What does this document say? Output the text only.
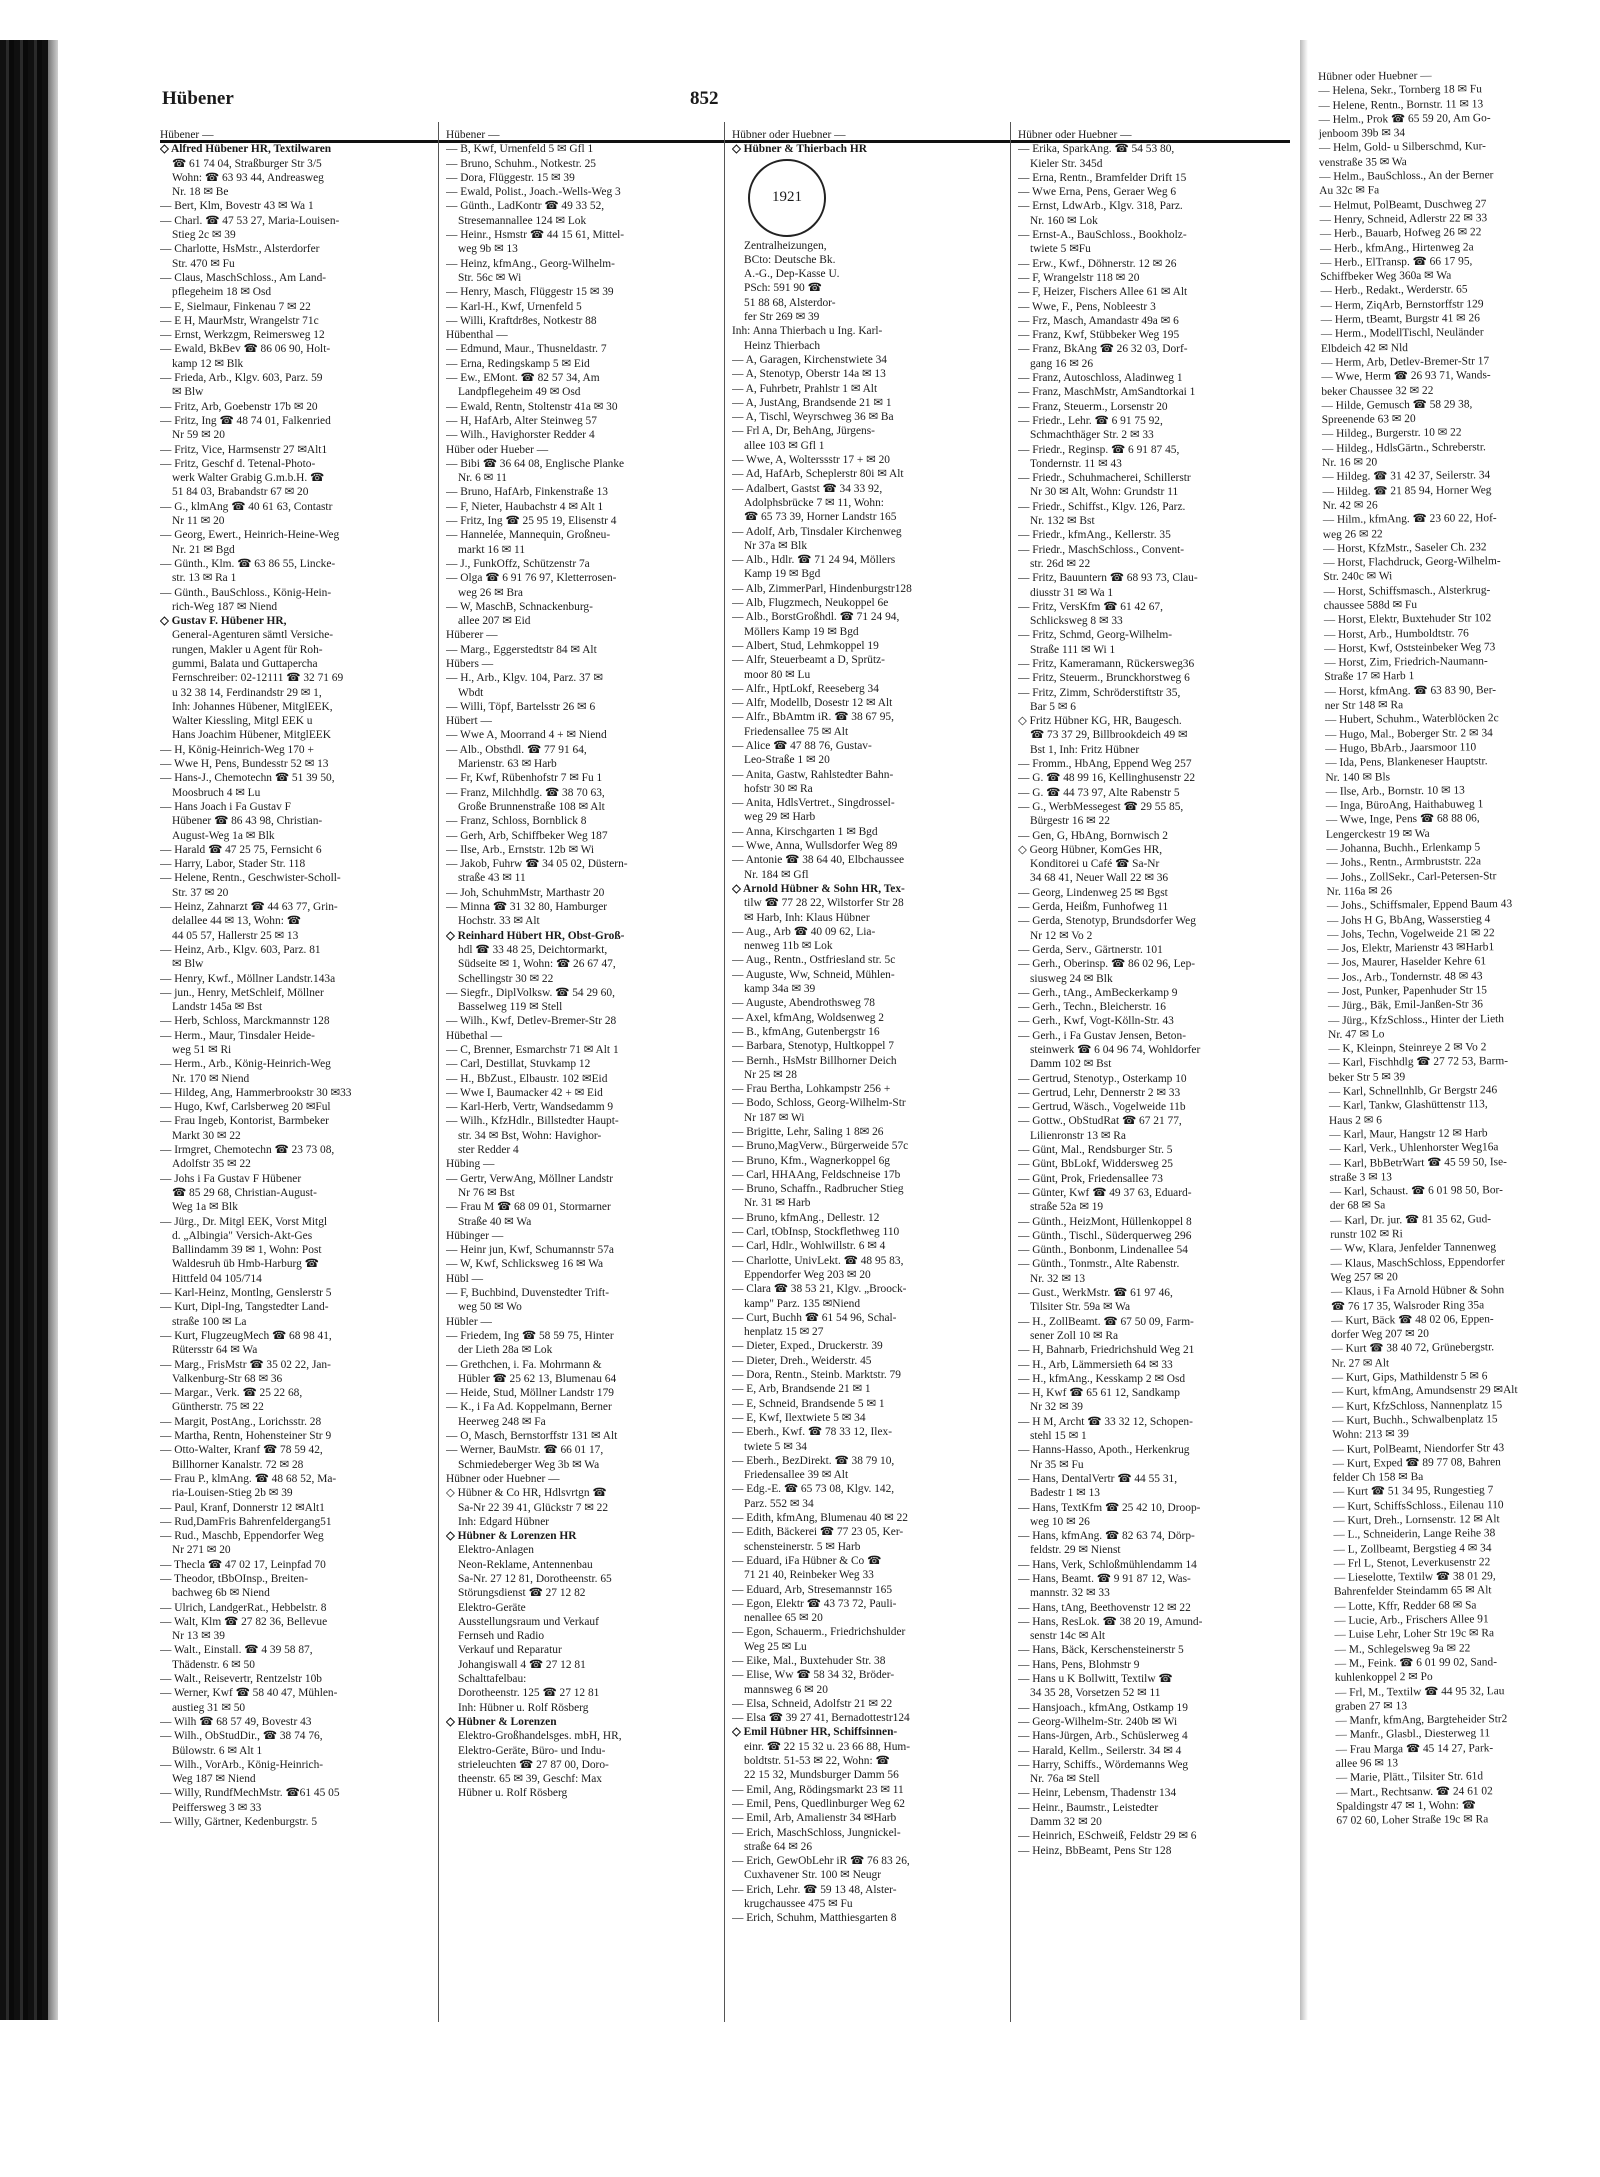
Hübener	852
Hübener —
◇ Alfred Hübener HR, Textilwaren
☎ 61 74 04, Straßburger Str 3/5
Wohn: ☎ 63 93 44, Andreasweg
Nr. 18 ✉ Be
— Bert, Klm, Bovestr 43 ✉ Wa 1
— Charl. ☎ 47 53 27, Maria-Louisen-
Stieg 2c ✉ 39
— Charlotte, HsMstr., Alsterdorfer
Str. 470 ✉ Fu
— Claus, MaschSchloss., Am Land-
pflegeheim 18 ✉ Osd
— E, Sielmaur, Finkenau 7 ✉ 22
— E H, MaurMstr, Wrangelstr 71c
— Ernst, Werkzgm, Reimersweg 12
— Ewald, BkBev ☎ 86 06 90, Holt-
kamp 12 ✉ Blk
— Frieda, Arb., Klgv. 603, Parz. 59
✉ Blw
— Fritz, Arb, Goebenstr 17b ✉ 20
— Fritz, Ing ☎ 48 74 01, Falkenried
Nr 59 ✉ 20
— Fritz, Vice, Harmsenstr 27 ✉Alt1
— Fritz, Geschf d. Tetenal-Photo-
werk Walter Grabig G.m.b.H. ☎
51 84 03, Brabandstr 67 ✉ 20
— G., klmAng ☎ 40 61 63, Contastr
Nr 11 ✉ 20
— Georg, Ewert., Heinrich-Heine-Weg
Nr. 21 ✉ Bgd
— Günth., Klm. ☎ 63 86 55, Lincke-
str. 13 ✉ Ra 1
— Günth., BauSchloss., König-Hein-
rich-Weg 187 ✉ Niend
◇ Gustav F. Hübener HR,
General-Agenturen sämtl Versiche-
rungen, Makler u Agent für Roh-
gummi, Balata und Guttapercha
Fernschreiber: 02-12111 ☎ 32 71 69
u 32 38 14, Ferdinandstr 29 ✉ 1,
Inh: Johannes Hübener, MitglEEK,
Walter Kiessling, Mitgl EEK u
Hans Joachim Hübener, MitglEEK
— H, König-Heinrich-Weg 170 +
— Wwe H, Pens, Bundesstr 52 ✉ 13
— Hans-J., Chemotechn ☎ 51 39 50,
Moosbruch 4 ✉ Lu
— Hans Joach i Fa Gustav F
Hübener ☎ 86 43 98, Christian-
August-Weg 1a ✉ Blk
— Harald ☎ 47 25 75, Fernsicht 6
— Harry, Labor, Stader Str. 118
— Helene, Rentn., Geschwister-Scholl-
Str. 37 ✉ 20
— Heinz, Zahnarzt ☎ 44 63 77, Grin-
delallee 44 ✉ 13, Wohn: ☎
44 05 57, Hallerstr 25 ✉ 13
— Heinz, Arb., Klgv. 603, Parz. 81
✉ Blw
— Henry, Kwf., Möllner Landstr.143a
— jun., Henry, MetSchleif, Möllner
Landstr 145a ✉ Bst
— Herb, Schloss, Marckmannstr 128
— Herm., Maur, Tinsdaler Heide-
weg 51 ✉ Ri
— Herm., Arb., König-Heinrich-Weg
Nr. 170 ✉ Niend
— Hildeg, Ang, Hammerbrookstr 30 ✉33
— Hugo, Kwf, Carlsberweg 20 ✉Ful
— Frau Ingeb, Kontorist, Barmbeker
Markt 30 ✉ 22
— Irmgret, Chemotechn ☎ 23 73 08,
Adolfstr 35 ✉ 22
— Johs i Fa Gustav F Hübener
☎ 85 29 68, Christian-August-
Weg 1a ✉ Blk
— Jürg., Dr. Mitgl EEK, Vorst Mitgl
d. „Albingia" Versich-Akt-Ges
Ballindamm 39 ✉ 1, Wohn: Post
Waldesruh üb Hmb-Harburg ☎
Hittfeld 04 105/714
— Karl-Heinz, Montlng, Genslerstr 5
— Kurt, Dipl-Ing, Tangstedter Land-
straße 100 ✉ La
— Kurt, FlugzeugMech ☎ 68 98 41,
Rütersstr 64 ✉ Wa
— Marg., FrisMstr ☎ 35 02 22, Jan-
Valkenburg-Str 68 ✉ 36
— Margar., Verk. ☎ 25 22 68,
Güntherstr. 75 ✉ 22
— Margit, PostAng., Lorichsstr. 28
— Martha, Rentn, Hohensteiner Str 9
— Otto-Walter, Kranf ☎ 78 59 42,
Billhorner Kanalstr. 72 ✉ 28
— Frau P., klmAng. ☎ 48 68 52, Ma-
ria-Louisen-Stieg 2b ✉ 39
— Paul, Kranf, Donnerstr 12 ✉Alt1
— Rud,DamFris Bahrenfeldergang51
— Rud., Maschb, Eppendorfer Weg
Nr 271 ✉ 20
— Thecla ☎ 47 02 17, Leinpfad 70
— Theodor, tBbOInsp., Breiten-
bachweg 6b ✉ Niend
— Ulrich, LandgerRat., Hebbelstr. 8
— Walt, Klm ☎ 27 82 36, Bellevue
Nr 13 ✉ 39
— Walt., Einstall. ☎ 4 39 58 87,
Thädenstr. 6 ✉ 50
— Walt., Reisevertr, Rentzelstr 10b
— Werner, Kwf ☎ 58 40 47, Mühlen-
austieg 31 ✉ 50
— Wilh ☎ 68 57 49, Bovestr 43
— Wilh., ObStudDir., ☎ 38 74 76,
Bülowstr. 6 ✉ Alt 1
— Wilh., VorArb., König-Heinrich-
Weg 187 ✉ Niend
— Willy, RundfMechMstr. ☎61 45 05
Peiffersweg 3 ✉ 33
— Willy, Gärtner, Kedenburgstr. 5
Hübener —
— B, Kwf, Urnenfeld 5 ✉ Gfl 1
— Bruno, Schuhm., Notkestr. 25
— Dora, Flüggestr. 15 ✉ 39
— Ewald, Polist., Joach.-Wells-Weg 3
— Günth., LadKontr ☎ 49 33 52,
Stresemannallee 124 ✉ Lok
— Heinr., Hsmstr ☎ 44 15 61, Mittel-
weg 9b ✉ 13
— Heinz, kfmAng., Georg-Wilhelm-
Str. 56c ✉ Wi
— Henry, Masch, Flüggestr 15 ✉ 39
— Karl-H., Kwf, Urnenfeld 5
— Willi, Kraftdr8es, Notkestr 88
Hübenthal —
— Edmund, Maur., Thusneldastr. 7
— Erna, Redingskamp 5 ✉ Eid
— Ew., EMont. ☎ 82 57 34, Am
Landpflegeheim 49 ✉ Osd
— Ewald, Rentn, Stoltenstr 41a ✉ 30
— H, HafArb, Alter Steinweg 57
— Wilh., Havighorster Redder 4
Hüber oder Hueber —
— Bibi ☎ 36 64 08, Englische Planke
Nr. 6 ✉ 11
— Bruno, HafArb, Finkenstraße 13
— F, Nieter, Haubachstr 4 ✉ Alt 1
— Fritz, Ing ☎ 25 95 19, Elisenstr 4
— Hannelée, Mannequin, Großneu-
markt 16 ✉ 11
— J., FunkOffz, Schützenstr 7a
— Olga ☎ 6 91 76 97, Kletterrosen-
weg 26 ✉ Bra
— W, MaschB, Schnackenburg-
allee 207 ✉ Eid
Hüberer —
— Marg., Eggerstedtstr 84 ✉ Alt
Hübers —
— H., Arb., Klgv. 104, Parz. 37 ✉
Wbdt
— Willi, Töpf, Bartelsstr 26 ✉ 6
Hübert —
— Wwe A, Moorrand 4 + ✉ Niend
— Alb., Obsthdl. ☎ 77 91 64,
Marienstr. 63 ✉ Harb
— Fr, Kwf, Rübenhofstr 7 ✉ Fu 1
— Franz, Milchhdlg. ☎ 38 70 63,
Große Brunnenstraße 108 ✉ Alt
— Franz, Schloss, Bornblick 8
— Gerh, Arb, Schiffbeker Weg 187
— Ilse, Arb., Ernststr. 12b ✉ Wi
— Jakob, Fuhrw ☎ 34 05 02, Düstern-
straße 43 ✉ 11
— Joh, SchuhmMstr, Marthastr 20
— Minna ☎ 31 32 80, Hamburger
Hochstr. 33 ✉ Alt
◇ Reinhard Hübert HR, Obst-Groß-
hdl ☎ 33 48 25, Deichtormarkt,
Südseite ✉ 1, Wohn: ☎ 26 67 47,
Schellingstr 30 ✉ 22
— Siegfr., DiplVolksw. ☎ 54 29 60,
Basselweg 119 ✉ Stell
— Wilh., Kwf, Detlev-Bremer-Str 28
Hübethal —
— C, Brenner, Esmarchstr 71 ✉ Alt 1
— Carl, Destillat, Stuvkamp 12
— H., BbZust., Elbaustr. 102 ✉Eid
— Wwe I, Baumacker 42 + ✉ Eid
— Karl-Herb, Vertr, Wandsedamm 9
— Wilh., KfzHdlr., Billstedter Haupt-
str. 34 ✉ Bst, Wohn: Havighor-
ster Redder 4
Hübing —
— Gertr, VerwAng, Möllner Landstr
Nr 76 ✉ Bst
— Frau M ☎ 68 09 01, Stormarner
Straße 40 ✉ Wa
Hübinger —
— Heinr jun, Kwf, Schumannstr 57a
— W, Kwf, Schlicksweg 16 ✉ Wa
Hübl —
— F, Buchbind, Duvenstedter Trift-
weg 50 ✉ Wo
Hübler —
— Friedem, Ing ☎ 58 59 75, Hinter
der Lieth 28a ✉ Lok
— Grethchen, i. Fa. Mohrmann &
Hübler ☎ 25 62 13, Blumenau 64
— Heide, Stud, Möllner Landstr 179
— K., i Fa Ad. Koppelmann, Berner
Heerweg 248 ✉ Fa
— O, Masch, Bernstorffstr 131 ✉ Alt
— Werner, BauMstr. ☎ 66 01 17,
Schmiedeberger Weg 3b ✉ Wa
Hübner oder Huebner —
◇ Hübner & Co HR, Hdlsvrtgn ☎
Sa-Nr 22 39 41, Glückstr 7 ✉ 22
Inh: Edgard Hübner
◇ Hübner & Lorenzen HR
Elektro-Anlagen
Neon-Reklame, Antennenbau
Sa-Nr. 27 12 81, Dorotheenstr. 65
Störungsdienst ☎ 27 12 82
Elektro-Geräte
Ausstellungsraum und Verkauf
Fernseh und Radio
Verkauf und Reparatur
Johangiswall 4 ☎ 27 12 81
Schalttafelbau:
Dorotheenstr. 125 ☎ 27 12 81
Inh: Hübner u. Rolf Rösberg
◇ Hübner & Lorenzen
Elektro-Großhandelsges. mbH, HR,
Elektro-Geräte, Büro- und Indu-
strieleuchten ☎ 27 87 00, Doro-
theenstr. 65 ✉ 39, Geschf: Max
Hübner u. Rolf Rösberg
Hübner oder Huebner —
◇ Hübner & Thierbach HR
1921
Zentralheizungen,
BCto: Deutsche Bk.
A.-G., Dep-Kasse U.
PSch: 591 90 ☎
51 88 68, Alsterdor-
fer Str 269 ✉ 39
Inh: Anna Thierbach u Ing. Karl-
Heinz Thierbach
— A, Garagen, Kirchenstwiete 34
— A, Stenotyp, Oberstr 14a ✉ 13
— A, Fuhrbetr, Prahlstr 1 ✉ Alt
— A, JustAng, Brandsende 21 ✉ 1
— A, Tischl, Weyrschweg 36 ✉ Ba
— Frl A, Dr, BehAng, Jürgens-
allee 103 ✉ Gfl 1
— Wwe, A, Wolterssstr 17 + ✉ 20
— Ad, HafArb, Scheplerstr 80i ✉ Alt
— Adalbert, Gastst ☎ 34 33 92,
Adolphsbrücke 7 ✉ 11, Wohn:
☎ 65 73 39, Horner Landstr 165
— Adolf, Arb, Tinsdaler Kirchenweg
Nr 37a ✉ Blk
— Alb., Hdlr. ☎ 71 24 94, Möllers
Kamp 19 ✉ Bgd
— Alb, ZimmerParl, Hindenburgstr128
— Alb, Flugzmech, Neukoppel 6e
— Alb., BorstGroßhdl. ☎ 71 24 94,
Möllers Kamp 19 ✉ Bgd
— Albert, Stud, Lehmkoppel 19
— Alfr, Steuerbeamt a D, Sprütz-
moor 80 ✉ Lu
— Alfr., HptLokf, Reeseberg 34
— Alfr, Modellb, Dosestr 12 ✉ Alt
— Alfr., BbAmtm iR. ☎ 38 67 95,
Friedensallee 75 ✉ Alt
— Alice ☎ 47 88 76, Gustav-
Leo-Straße 1 ✉ 20
— Anita, Gastw, Rahlstedter Bahn-
hofstr 30 ✉ Ra
— Anita, HdlsVertret., Singdrossel-
weg 29 ✉ Harb
— Anna, Kirschgarten 1 ✉ Bgd
— Wwe, Anna, Wullsdorfer Weg 89
— Antonie ☎ 38 64 40, Elbchaussee
Nr. 184 ✉ Gfl
◇ Arnold Hübner & Sohn HR, Tex-
tilw ☎ 77 28 22, Wilstorfer Str 28
✉ Harb, Inh: Klaus Hübner
— Aug., Arb ☎ 40 09 62, Lia-
nenweg 11b ✉ Lok
— Aug., Rentn., Ostfriesland str. 5c
— Auguste, Ww, Schneid, Mühlen-
kamp 34a ✉ 39
— Auguste, Abendrothsweg 78
— Axel, kfmAng, Woldsenweg 2
— B., kfmAng, Gutenbergstr 16
— Barbara, Stenotyp, Hultkoppel 7
— Bernh., HsMstr Billhorner Deich
Nr 25 ✉ 28
— Frau Bertha, Lohkampstr 256 +
— Bodo, Schloss, Georg-Wilhelm-Str
Nr 187 ✉ Wi
— Brigitte, Lehr, Saling 1 8✉ 26
— Bruno,MagVerw., Bürgerweide 57c
— Bruno, Kfm., Wagnerkoppel 6g
— Carl, HHAAng, Feldschneise 17b
— Bruno, Schaffn., Radbrucher Stieg
Nr. 31 ✉ Harb
— Bruno, kfmAng., Dellestr. 12
— Carl, tObInsp, Stockflethweg 110
— Carl, Hdlr., Wohlwillstr. 6 ✉ 4
— Charlotte, UnivLekt. ☎ 48 95 83,
Eppendorfer Weg 203 ✉ 20
— Clara ☎ 38 53 21, Klgv. „Broock-
kamp" Parz. 135 ✉Niend
— Curt, Buchh ☎ 61 54 96, Schal-
henplatz 15 ✉ 27
— Dieter, Exped., Druckerstr. 39
— Dieter, Dreh., Weiderstr. 45
— Dora, Rentn., Steinb. Marktstr. 79
— E, Arb, Brandsende 21 ✉ 1
— E, Schneid, Brandsende 5 ✉ 1
— E, Kwf, Ilextwiete 5 ✉ 34
— Eberh., Kwf. ☎ 78 33 12, Ilex-
twiete 5 ✉ 34
— Eberh., BezDirekt. ☎ 38 79 10,
Friedensallee 39 ✉ Alt
— Edg.-E. ☎ 65 73 08, Klgv. 142,
Parz. 552 ✉ 34
— Edith, kfmAng, Blumenau 40 ✉ 22
— Edith, Bäckerei ☎ 77 23 05, Ker-
schensteinerstr. 5 ✉ Harb
— Eduard, iFa Hübner & Co ☎
71 21 40, Reinbeker Weg 33
— Eduard, Arb, Stresemannstr 165
— Egon, Elektr ☎ 43 73 72, Pauli-
nenallee 65 ✉ 20
— Egon, Schauerm., Friedrichshulder
Weg 25 ✉ Lu
— Eike, Mal., Buxtehuder Str. 38
— Elise, Ww ☎ 58 34 32, Bröder-
mannsweg 6 ✉ 20
— Elsa, Schneid, Adolfstr 21 ✉ 22
— Elsa ☎ 39 27 41, Bernadottestr124
◇ Emil Hübner HR, Schiffsinnen-
einr. ☎ 22 15 32 u. 23 66 88, Hum-
boldtstr. 51-53 ✉ 22, Wohn: ☎
22 15 32, Mundsburger Damm 56
— Emil, Ang, Rödingsmarkt 23 ✉ 11
— Emil, Pens, Quedlinburger Weg 62
— Emil, Arb, Amalienstr 34 ✉Harb
— Erich, MaschSchloss, Jungnickel-
straße 64 ✉ 26
— Erich, GewObLehr iR ☎ 76 83 26,
Cuxhavener Str. 100 ✉ Neugr
— Erich, Lehr. ☎ 59 13 48, Alster-
krugchaussee 475 ✉ Fu
— Erich, Schuhm, Matthiesgarten 8
Hübner oder Huebner —
— Erika, SparkAng. ☎ 54 53 80,
Kieler Str. 345d
— Erna, Rentn., Bramfelder Drift 15
— Wwe Erna, Pens, Geraer Weg 6
— Ernst, LdwArb., Klgv. 318, Parz.
Nr. 160 ✉ Lok
— Ernst-A., BauSchloss., Bookholz-
twiete 5 ✉Fu
— Erw., Kwf., Döhnerstr. 12 ✉ 26
— F, Wrangelstr 118 ✉ 20
— F, Heizer, Fischers Allee 61 ✉ Alt
— Wwe, F., Pens, Nobleestr 3
— Frz, Masch, Amandastr 49a ✉ 6
— Franz, Kwf, Stübbeker Weg 195
— Franz, BkAng ☎ 26 32 03, Dorf-
gang 16 ✉ 26
— Franz, Autoschloss, Aladinweg 1
— Franz, MaschMstr, AmSandtorkai 1
— Franz, Steuerm., Lorsenstr 20
— Friedr., Lehr. ☎ 6 91 75 92,
Schmachthäger Str. 2 ✉ 33
— Friedr., Reginsp. ☎ 6 91 87 45,
Tondernstr. 11 ✉ 43
— Friedr., Schuhmacherei, Schillerstr
Nr 30 ✉ Alt, Wohn: Grundstr 11
— Friedr., Schiffst., Klgv. 126, Parz.
Nr. 132 ✉ Bst
— Friedr., kfmAng., Kellerstr. 35
— Friedr., MaschSchloss., Convent-
str. 26d ✉ 22
— Fritz, Bauuntern ☎ 68 93 73, Clau-
diusstr 31 ✉ Wa 1
— Fritz, VersKfm ☎ 61 42 67,
Schlicksweg 8 ✉ 33
— Fritz, Schmd, Georg-Wilhelm-
Straße 111 ✉ Wi 1
— Fritz, Kameramann, Rückersweg36
— Fritz, Steuerm., Brunckhorstweg 6
— Fritz, Zimm, Schröderstiftstr 35,
Bar 5 ✉ 6
◇ Fritz Hübner KG, HR, Baugesch.
☎ 73 37 29, Billbrookdeich 49 ✉
Bst 1, Inh: Fritz Hübner
— Fromm., HbAng, Eppend Weg 257
— G. ☎ 48 99 16, Kellinghusenstr 22
— G. ☎ 44 73 97, Alte Rabenstr 5
— G., WerbMessegest ☎ 29 55 85,
Bürgestr 16 ✉ 22
— Gen, G, HbAng, Bornwisch 2
◇ Georg Hübner, KomGes HR,
Konditorei u Café ☎ Sa-Nr
34 68 41, Neuer Wall 22 ✉ 36
— Georg, Lindenweg 25 ✉ Bgst
— Gerda, Heißm, Funhofweg 11
— Gerda, Stenotyp, Brundsdorfer Weg
Nr 12 ✉ Vo 2
— Gerda, Serv., Gärtnerstr. 101
— Gerh., Oberinsp. ☎ 86 02 96, Lep-
siusweg 24 ✉ Blk
— Gerh., tAng., AmBeckerkamp 9
— Gerh., Techn., Bleicherstr. 16
— Gerh., Kwf, Vogt-Kölln-Str. 43
— Gerh., i Fa Gustav Jensen, Beton-
steinwerk ☎ 6 04 96 74, Wohldorfer
Damm 102 ✉ Bst
— Gertrud, Stenotyp., Osterkamp 10
— Gertrud, Lehr, Dennerstr 2 ✉ 33
— Gertrud, Wäsch., Vogelweide 11b
— Gottw., ObStudRat ☎ 67 21 77,
Lilienronstr 13 ✉ Ra
— Günt, Mal., Rendsburger Str. 5
— Günt, BbLokf, Widdersweg 25
— Günt, Prok, Friedensallee 73
— Günter, Kwf ☎ 49 37 63, Eduard-
straße 52a ✉ 19
— Günth., HeizMont, Hüllenkoppel 8
— Günth., Tischl., Süderquerweg 296
— Günth., Bonbonm, Lindenallee 54
— Günth., Tonmstr., Alte Rabenstr.
Nr. 32 ✉ 13
— Gust., WerkMstr. ☎ 61 97 46,
Tilsiter Str. 59a ✉ Wa
— H., ZollBeamt. ☎ 67 50 09, Farm-
sener Zoll 10 ✉ Ra
— H, Bahnarb, Friedrichshuld Weg 21
— H., Arb, Lämmersieth 64 ✉ 33
— H., kfmAng., Kesskamp 2 ✉ Osd
— H, Kwf ☎ 65 61 12, Sandkamp
Nr 32 ✉ 39
— H M, Archt ☎ 33 32 12, Schopen-
stehl 15 ✉ 1
— Hanns-Hasso, Apoth., Herkenkrug
Nr 35 ✉ Fu
— Hans, DentalVertr ☎ 44 55 31,
Badestr 1 ✉ 13
— Hans, TextKfm ☎ 25 42 10, Droop-
weg 10 ✉ 26
— Hans, kfmAng. ☎ 82 63 74, Dörp-
feldstr. 29 ✉ Nienst
— Hans, Verk, Schloßmühlendamm 14
— Hans, Beamt. ☎ 9 91 87 12, Was-
mannstr. 32 ✉ 33
— Hans, tAng, Beethovenstr 12 ✉ 22
— Hans, ResLok. ☎ 38 20 19, Amund-
senstr 14c ✉ Alt
— Hans, Bäck, Kerschensteinerstr 5
— Hans, Pens, Blohmstr 9
— Hans u K Bollwitt, Textilw ☎
34 35 28, Vorsetzen 52 ✉ 11
— Hansjoach., kfmAng, Ostkamp 19
— Georg-Wilhelm-Str. 240b ✉ Wi
— Hans-Jürgen, Arb., Schüslerweg 4
— Harald, Kellm., Seilerstr. 34 ✉ 4
— Harry, Schiffs., Wördemanns Weg
Nr. 76a ✉ Stell
— Heinr, Lebensm, Thadenstr 134
— Heinr., Baumstr., Leistedter
Damm 32 ✉ 20
— Heinrich, ESchweiß, Feldstr 29 ✉ 6
— Heinz, BbBeamt, Pens Str 128
Hübner oder Huebner —
— Helena, Sekr., Tornberg 18 ✉ Fu
— Helene, Rentn., Bornstr. 11 ✉ 13
— Helm., Prok ☎ 65 59 20, Am Go-
jenboom 39b ✉ 34
— Helm, Gold- u Silberschmd, Kur-
venstraße 35 ✉ Wa
— Helm., BauSchloss., An der Berner
Au 32c ✉ Fa
— Helmut, PolBeamt, Duschweg 27
— Henry, Schneid, Adlerstr 22 ✉ 33
— Herb., Bauarb, Hofweg 26 ✉ 22
— Herb., kfmAng., Hirtenweg 2a
— Herb., ElTransp. ☎ 66 17 95,
Schiffbeker Weg 360a ✉ Wa
— Herb., Redakt., Werderstr. 65
— Herm, ZiqArb, Bernstorffstr 129
— Herm, tBeamt, Burgstr 41 ✉ 26
— Herm., ModellTischl, Neuländer
Elbdeich 42 ✉ Nld
— Herm, Arb, Detlev-Bremer-Str 17
— Wwe, Herm ☎ 26 93 71, Wands-
beker Chaussee 32 ✉ 22
— Hilde, Gemusch ☎ 58 29 38,
Spreenende 63 ✉ 20
— Hildeg., Burgerstr. 10 ✉ 22
— Hildeg., HdlsGärtn., Schreberstr.
Nr. 16 ✉ 20
— Hildeg. ☎ 31 42 37, Seilerstr. 34
— Hildeg. ☎ 21 85 94, Horner Weg
Nr. 42 ✉ 26
— Hilm., kfmAng. ☎ 23 60 22, Hof-
weg 26 ✉ 22
— Horst, KfzMstr., Saseler Ch. 232
— Horst, Flachdruck, Georg-Wilhelm-
Str. 240c ✉ Wi
— Horst, Schiffsmasch., Alsterkrug-
chaussee 588d ✉ Fu
— Horst, Elektr, Buxtehuder Str 102
— Horst, Arb., Humboldtstr. 76
— Horst, Kwf, Oststeinbeker Weg 73
— Horst, Zim, Friedrich-Naumann-
Straße 17 ✉ Harb 1
— Horst, kfmAng. ☎ 63 83 90, Ber-
ner Str 148 ✉ Ra
— Hubert, Schuhm., Waterblöcken 2c
— Hugo, Mal., Boberger Str. 2 ✉ 34
— Hugo, BbArb., Jaarsmoor 110
— Ida, Pens, Blankeneser Hauptstr.
Nr. 140 ✉ Bls
— Ilse, Arb., Bornstr. 10 ✉ 13
— Inga, BüroAng, Haithabuweg 1
— Wwe, Inge, Pens ☎ 68 88 06,
Lengerckestr 19 ✉ Wa
— Johanna, Buchh., Erlenkamp 5
— Johs., Rentn., Armbruststr. 22a
— Johs., ZollSekr., Carl-Petersen-Str
Nr. 116a ✉ 26
— Johs., Schiffsmaler, Eppend Baum 43
— Johs H G, BbAng, Wasserstieg 4
— Johs, Techn, Vogelweide 21 ✉ 22
— Jos, Elektr, Marienstr 43 ✉Harb1
— Jos, Maurer, Haselder Kehre 61
— Jos., Arb., Tondernstr. 48 ✉ 43
— Jost, Punker, Papenhuder Str 15
— Jürg., Bäk, Emil-Janßen-Str 36
— Jürg., KfzSchloss., Hinter der Lieth
Nr. 47 ✉ Lo
— K, Kleinpn, Steinreye 2 ✉ Vo 2
— Karl, Fischhdlg ☎ 27 72 53, Barm-
beker Str 5 ✉ 39
— Karl, Schnellnhlb, Gr Bergstr 246
— Karl, Tankw, Glashüttenstr 113,
Haus 2 ✉ 6
— Karl, Maur, Hangstr 12 ✉ Harb
— Karl, Verk., Uhlenhorster Weg16a
— Karl, BbBetrWart ☎ 45 59 50, Ise-
straße 3 ✉ 13
— Karl, Schaust. ☎ 6 01 98 50, Bor-
der 68 ✉ Sa
— Karl, Dr. jur. ☎ 81 35 62, Gud-
runstr 102 ✉ Ri
— Ww, Klara, Jenfelder Tannenweg
— Klaus, MaschSchloss, Eppendorfer
Weg 257 ✉ 20
— Klaus, i Fa Arnold Hübner & Sohn
☎ 76 17 35, Walsroder Ring 35a
— Kurt, Bäck ☎ 48 02 06, Eppen-
dorfer Weg 207 ✉ 20
— Kurt ☎ 38 40 72, Grünebergstr.
Nr. 27 ✉ Alt
— Kurt, Gips, Mathildenstr 5 ✉ 6
— Kurt, kfmAng, Amundsenstr 29 ✉Alt
— Kurt, KfzSchloss, Nannenplatz 15
— Kurt, Buchh., Schwalbenplatz 15
Wohn: 213 ✉ 39
— Kurt, PolBeamt, Niendorfer Str 43
— Kurt, Exped ☎ 89 77 08, Bahren
felder Ch 158 ✉ Ba
— Kurt ☎ 51 34 95, Rungestieg 7
— Kurt, SchiffsSchloss., Eilenau 110
— Kurt, Dreh., Lornsenstr. 12 ✉ Alt
— L., Schneiderin, Lange Reihe 38
— L, Zollbeamt, Bergstieg 4 ✉ 34
— Frl L, Stenot, Leverkusenstr 22
— Lieselotte, Textilw ☎ 38 01 29,
Bahrenfelder Steindamm 65 ✉ Alt
— Lotte, Kffr, Redder 68 ✉ Sa
— Lucie, Arb., Frischers Allee 91
— Luise Lehr, Loher Str 19c ✉ Ra
— M., Schlegelsweg 9a ✉ 22
— M., Feink. ☎ 6 01 99 02, Sand-
kuhlenkoppel 2 ✉ Po
— Frl, M., Textilw ☎ 44 95 32, Lau
graben 27 ✉ 13
— Manfr, kfmAng, Bargteheider Str2
— Manfr., Glasbl., Diesterweg 11
— Frau Marga ☎ 45 14 27, Park-
allee 96 ✉ 13
— Marie, Plätt., Tilsiter Str. 61d
— Mart., Rechtsanw. ☎ 24 61 02
Spaldingstr 47 ✉ 1, Wohn: ☎
67 02 60, Loher Straße 19c ✉ Ra
